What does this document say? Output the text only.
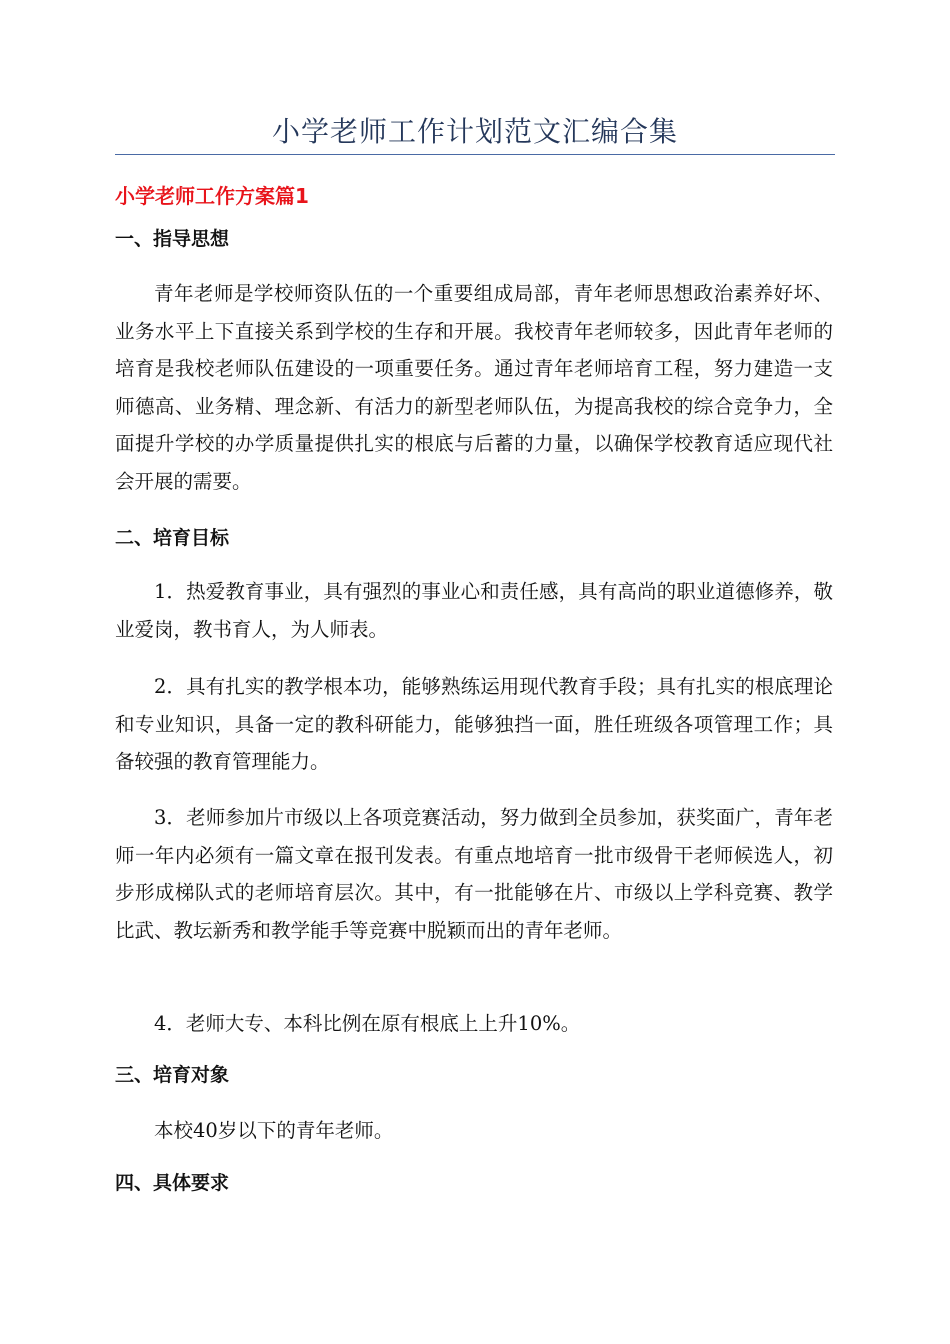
小学老师工作计划范文汇编合集
小学老师工作方案篇1
一、指导思想

青年老师是学校师资队伍的一个重要组成局部，青年老师思想政治素养好坏、业务水平上下直接关系到学校的生存和开展。我校青年老师较多，因此青年老师的培育是我校老师队伍建设的一项重要任务。通过青年老师培育工程，努力建造一支师德高、业务精、理念新、有活力的新型老师队伍，为提高我校的综合竞争力，全面提升学校的办学质量提供扎实的根底与后蓄的力量，以确保学校教育适应现代社会开展的需要。

二、培育目标

1．热爱教育事业，具有强烈的事业心和责任感，具有高尚的职业道德修养，敬业爱岗，教书育人，为人师表。

2．具有扎实的教学根本功，能够熟练运用现代教育手段；具有扎实的根底理论和专业知识，具备一定的教科研能力，能够独挡一面，胜任班级各项管理工作；具备较强的教育管理能力。

3．老师参加片市级以上各项竞赛活动，努力做到全员参加，获奖面广，青年老师一年内必须有一篇文章在报刊发表。有重点地培育一批市级骨干老师候选人，初步形成梯队式的老师培育层次。其中，有一批能够在片、市级以上学科竞赛、教学比武、教坛新秀和教学能手等竞赛中脱颖而出的青年老师。

4．老师大专、本科比例在原有根底上上升10%。

三、培育对象

本校40岁以下的青年老师。

四、具体要求
